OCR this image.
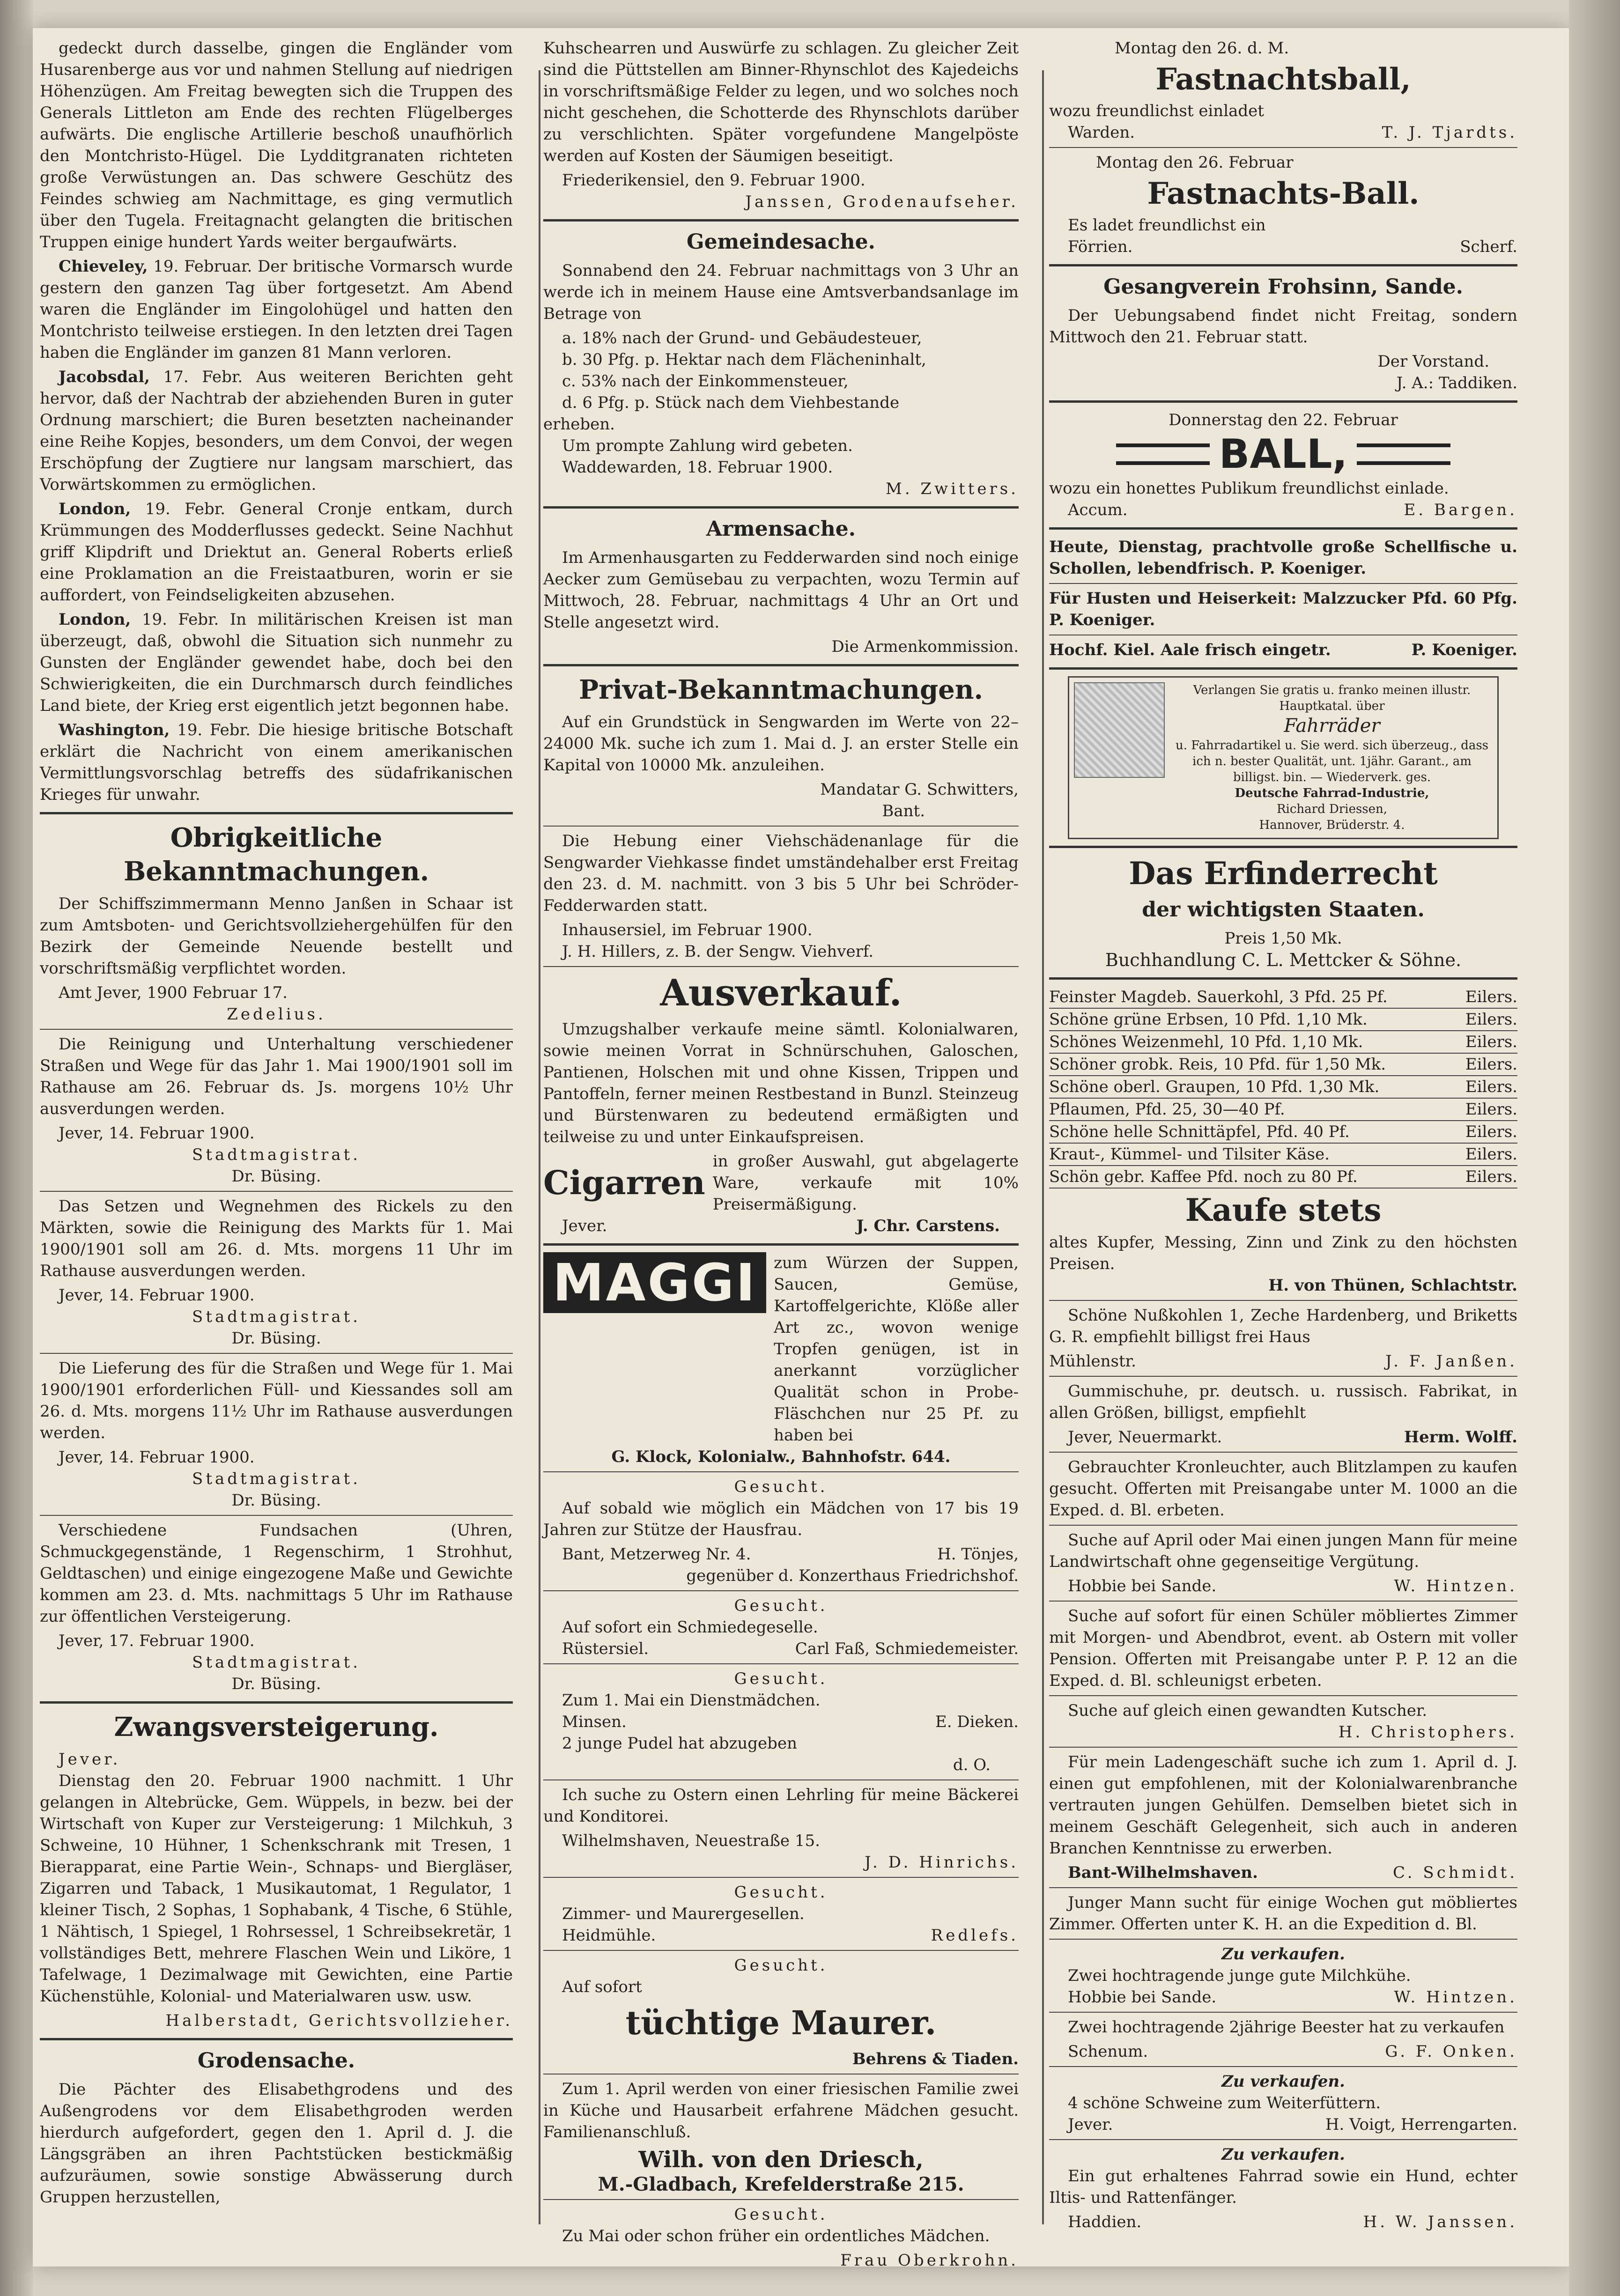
gedeckt durch dasselbe, gingen die Engländer vom Husarenberge aus vor und nahmen Stellung auf niedrigen Höhenzügen. Am Freitag bewegten sich die Truppen des Generals Littleton am Ende des rechten Flügelberges aufwärts. Die englische Artillerie beschoß unaufhörlich den Montchristo-Hügel. Die Lydditgranaten richteten große Verwüstungen an. Das schwere Geschütz des Feindes schwieg am Nachmittage, es ging vermutlich über den Tugela. Freitagnacht gelangten die britischen Truppen einige hundert Yards weiter bergaufwärts.

Chieveley, 19. Februar. Der britische Vormarsch wurde gestern den ganzen Tag über fortgesetzt. Am Abend waren die Engländer im Eingolohügel und hatten den Montchristo teilweise erstiegen. In den letzten drei Tagen haben die Engländer im ganzen 81 Mann verloren.

Jacobsdal, 17. Febr. Aus weiteren Berichten geht hervor, daß der Nachtrab der abziehenden Buren in guter Ordnung marschiert; die Buren besetzten nacheinander eine Reihe Kopjes, besonders, um dem Convoi, der wegen Erschöpfung der Zugtiere nur langsam marschiert, das Vorwärtskommen zu ermöglichen.

London, 19. Febr. General Cronje entkam, durch Krümmungen des Modderflusses gedeckt. Seine Nachhut griff Klipdrift und Driektut an. General Roberts erließ eine Proklamation an die Freistaatburen, worin er sie auffordert, von Feindseligkeiten abzusehen.

London, 19. Febr. In militärischen Kreisen ist man überzeugt, daß, obwohl die Situation sich nunmehr zu Gunsten der Engländer gewendet habe, doch bei den Schwierigkeiten, die ein Durchmarsch durch feindliches Land biete, der Krieg erst eigentlich jetzt begonnen habe.

Washington, 19. Febr. Die hiesige britische Botschaft erklärt die Nachricht von einem amerikanischen Vermittlungsvorschlag betreffs des südafrikanischen Krieges für unwahr.

Obrigkeitliche Bekanntmachungen.

Der Schiffszimmermann Menno Janßen in Schaar ist zum Amtsboten- und Gerichtsvollziehergehülfen für den Bezirk der Gemeinde Neuende bestellt und vorschriftsmäßig verpflichtet worden.

Amt Jever, 1900 Februar 17.
Zedelius.

Die Reinigung und Unterhaltung verschiedener Straßen und Wege für das Jahr 1. Mai 1900/1901 soll im Rathause am 26. Februar ds. Js. morgens 10½ Uhr ausverdungen werden.

Jever, 14. Februar 1900.
Stadtmagistrat.
Dr. Büsing.

Das Setzen und Wegnehmen des Rickels zu den Märkten, sowie die Reinigung des Markts für 1. Mai 1900/1901 soll am 26. d. Mts. morgens 11 Uhr im Rathause ausverdungen werden.

Jever, 14. Februar 1900.
Stadtmagistrat.
Dr. Büsing.

Die Lieferung des für die Straßen und Wege für 1. Mai 1900/1901 erforderlichen Füll- und Kiessandes soll am 26. d. Mts. morgens 11½ Uhr im Rathause ausverdungen werden.

Jever, 14. Februar 1900.
Stadtmagistrat.
Dr. Büsing.

Verschiedene Fundsachen (Uhren, Schmuckgegenstände, 1 Regenschirm, 1 Strohhut, Geldtaschen) und einige eingezogene Maße und Gewichte kommen am 23. d. Mts. nachmittags 5 Uhr im Rathause zur öffentlichen Versteigerung.

Jever, 17. Februar 1900.
Stadtmagistrat.
Dr. Büsing.
Zwangsversteigerung.
Jever.

Dienstag den 20. Februar 1900 nachmitt. 1 Uhr gelangen in Altebrücke, Gem. Wüppels, in bezw. bei der Wirtschaft von Kuper zur Versteigerung: 1 Milchkuh, 3 Schweine, 10 Hühner, 1 Schenkschrank mit Tresen, 1 Bierapparat, eine Partie Wein-, Schnaps- und Biergläser, Zigarren und Taback, 1 Musikautomat, 1 Regulator, 1 kleiner Tisch, 2 Sophas, 1 Sophabank, 4 Tische, 6 Stühle, 1 Nähtisch, 1 Spiegel, 1 Rohrsessel, 1 Schreibsekretär, 1 vollständiges Bett, mehrere Flaschen Wein und Liköre, 1 Tafelwage, 1 Dezimalwage mit Gewichten, eine Partie Küchenstühle, Kolonial- und Materialwaren usw. usw.

Halberstadt, Gerichtsvollzieher.
Grodensache.

Die Pächter des Elisabethgrodens und des Außengrodens vor dem Elisabethgroden werden hierdurch aufgefordert, gegen den 1. April d. J. die Längsgräben an ihren Pachtstücken bestickmäßig aufzuräumen, sowie sonstige Abwässerung durch Gruppen herzustellen,

Kuhschearren und Auswürfe zu schlagen. Zu gleicher Zeit sind die Püttstellen am Binner-Rhynschlot des Kajedeichs in vorschriftsmäßige Felder zu legen, und wo solches noch nicht geschehen, die Schotterde des Rhynschlots darüber zu verschlichten. Später vorgefundene Mangelpöste werden auf Kosten der Säumigen beseitigt.

Friederikensiel, den 9. Februar 1900.
Janssen, Grodenaufseher.
Gemeindesache.

Sonnabend den 24. Februar nachmittags von 3 Uhr an werde ich in meinem Hause eine Amtsverbandsanlage im Betrage von

a. 18% nach der Grund- und Gebäudesteuer,
b. 30 Pfg. p. Hektar nach dem Flächeninhalt,
c. 53% nach der Einkommensteuer,
d. 6 Pfg. p. Stück nach dem Viehbestande
erheben.
Um prompte Zahlung wird gebeten.
Waddewarden, 18. Februar 1900.
M. Zwitters.
Armensache.

Im Armenhausgarten zu Fedderwarden sind noch einige Aecker zum Gemüsebau zu verpachten, wozu Termin auf Mittwoch, 28. Februar, nachmittags 4 Uhr an Ort und Stelle angesetzt wird.

Die Armenkommission.
Privat-Bekanntmachungen.

Auf ein Grundstück in Sengwarden im Werte von 22–24000 Mk. suche ich zum 1. Mai d. J. an erster Stelle ein Kapital von 10000 Mk. anzuleihen.

Mandatar G. Schwitters,
Bant.

Die Hebung einer Viehschädenanlage für die Sengwarder Viehkasse findet umständehalber erst Freitag den 23. d. M. nachmitt. von 3 bis 5 Uhr bei Schröder-Fedderwarden statt.

Inhausersiel, im Februar 1900.
J. H. Hillers, z. B. der Sengw. Viehverf.
Ausverkauf.

Umzugshalber verkaufe meine sämtl. Kolonialwaren, sowie meinen Vorrat in Schnürschuhen, Galoschen, Pantienen, Holschen mit und ohne Kissen, Trippen und Pantoffeln, ferner meinen Restbestand in Bunzl. Steinzeug und Bürstenwaren zu bedeutend ermäßigten und teilweise zu und unter Einkaufspreisen.

Cigarren
in großer Auswahl, gut abgelagerte Ware, verkaufe mit 10% Preisermäßigung.
Jever.	J. Chr. Carstens.
MAGGI	zum Würzen der Suppen, Saucen, Gemüse, Kartoffelgerichte, Klöße aller Art zc., wovon wenige Tropfen genügen, ist in anerkannt vorzüglicher Qualität schon in Probe-Fläschchen nur 25 Pf. zu haben bei
G. Klock, Kolonialw., Bahnhofstr. 644.
Gesucht.

Auf sobald wie möglich ein Mädchen von 17 bis 19 Jahren zur Stütze der Hausfrau.

Bant, Metzerweg Nr. 4.	H. Tönjes,
gegenüber d. Konzerthaus Friedrichshof.
Gesucht.
Auf sofort ein Schmiedegeselle.
Rüstersiel.	Carl Faß, Schmiedemeister.
Gesucht.
Zum 1. Mai ein Dienstmädchen.
Minsen.	E. Dieken.
2 junge Pudel hat abzugeben
d. O.

Ich suche zu Ostern einen Lehrling für meine Bäckerei und Konditorei.

Wilhelmshaven, Neuestraße 15.
J. D. Hinrichs.
Gesucht.
Zimmer- und Maurergesellen.
Heidmühle.	Redlefs.
Gesucht.
Auf sofort
tüchtige Maurer.
Behrens & Tiaden.

Zum 1. April werden von einer friesischen Familie zwei in Küche und Hausarbeit erfahrene Mädchen gesucht. Familienanschluß.

Wilh. von den Driesch,
M.-Gladbach, Krefelderstraße 215.
Gesucht.

Zu Mai oder schon früher ein ordentliches Mädchen.

Frau Oberkrohn.
Montag den 26. d. M.
Fastnachtsball,
wozu freundlichst einladet
Warden.	T. J. Tjardts.
Montag den 26. Februar
Fastnachts-Ball.
Es ladet freundlichst ein
Förrien.	Scherf.
Gesangverein Frohsinn, Sande.

Der Uebungsabend findet nicht Freitag, sondern Mittwoch den 21. Februar statt.

Der Vorstand.
J. A.: Taddiken.
Donnerstag den 22. Februar
BALL,
wozu ein honettes Publikum freundlichst einlade.
Accum.	E. Bargen.
Heute, Dienstag, prachtvolle große Schellfische u. Schollen, lebendfrisch. P. Koeniger.
Für Husten und Heiserkeit: Malzzucker Pfd. 60 Pfg. P. Koeniger.
Hochf. Kiel. Aale frisch eingetr.	P. Koeniger.
Verlangen Sie gratis u. franko meinen illustr. Hauptkatal. über
Fahrräder
u. Fahrradartikel u. Sie werd. sich überzeug., dass ich n. bester Qualität, unt. 1jähr. Garant., am billigst. bin. — Wiederverk. ges.
Deutsche Fahrrad-Industrie,
Richard Driessen,
Hannover, Brüderstr. 4.
Das Erfinderrecht
der wichtigsten Staaten.
Preis 1,50 Mk.
Buchhandlung C. L. Mettcker & Söhne.
Feinster Magdeb. Sauerkohl, 3 Pfd. 25 Pf.	Eilers.
Schöne grüne Erbsen, 10 Pfd. 1,10 Mk.	Eilers.
Schönes Weizenmehl, 10 Pfd. 1,10 Mk.	Eilers.
Schöner grobk. Reis, 10 Pfd. für 1,50 Mk.	Eilers.
Schöne oberl. Graupen, 10 Pfd. 1,30 Mk.	Eilers.
Pflaumen, Pfd. 25, 30—40 Pf.	Eilers.
Schöne helle Schnittäpfel, Pfd. 40 Pf.	Eilers.
Kraut-, Kümmel- und Tilsiter Käse.	Eilers.
Schön gebr. Kaffee Pfd. noch zu 80 Pf.	Eilers.
Kaufe stets
altes Kupfer, Messing, Zinn und Zink zu den höchsten Preisen.
H. von Thünen, Schlachtstr.

Schöne Nußkohlen 1, Zeche Hardenberg, und Briketts G. R. empfiehlt billigst frei Haus

Mühlenstr.	J. F. Janßen.

Gummischuhe, pr. deutsch. u. russisch. Fabrikat, in allen Größen, billigst, empfiehlt

Jever, Neuermarkt.	Herm. Wolff.

Gebrauchter Kronleuchter, auch Blitzlampen zu kaufen gesucht. Offerten mit Preisangabe unter M. 1000 an die Exped. d. Bl. erbeten.

Suche auf April oder Mai einen jungen Mann für meine Landwirtschaft ohne gegenseitige Vergütung.

Hobbie bei Sande.	W. Hintzen.

Suche auf sofort für einen Schüler möbliertes Zimmer mit Morgen- und Abendbrot, event. ab Ostern mit voller Pension. Offerten mit Preisangabe unter P. P. 12 an die Exped. d. Bl. schleunigst erbeten.

Suche auf gleich einen gewandten Kutscher.
H. Christophers.

Für mein Ladengeschäft suche ich zum 1. April d. J. einen gut empfohlenen, mit der Kolonialwarenbranche vertrauten jungen Gehülfen. Demselben bietet sich in meinem Geschäft Gelegenheit, sich auch in anderen Branchen Kenntnisse zu erwerben.

Bant-Wilhelmshaven.	C. Schmidt.

Junger Mann sucht für einige Wochen gut möbliertes Zimmer. Offerten unter K. H. an die Expedition d. Bl.

Zu verkaufen.
Zwei hochtragende junge gute Milchkühe.
Hobbie bei Sande.	W. Hintzen.

Zwei hochtragende 2jährige Beester hat zu verkaufen

Schenum.	G. F. Onken.
Zu verkaufen.
4 schöne Schweine zum Weiterfüttern.
Jever.	H. Voigt, Herrengarten.
Zu verkaufen.

Ein gut erhaltenes Fahrrad sowie ein Hund, echter Iltis- und Rattenfänger.

Haddien.	H. W. Janssen.
